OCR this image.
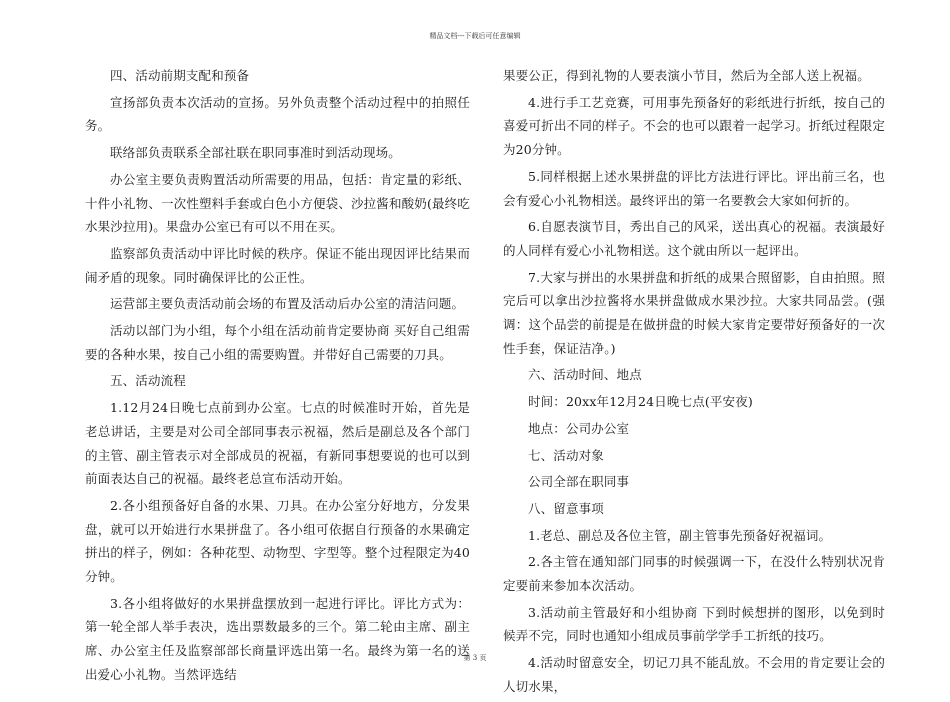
精品文档---下载后可任意编辑

四、活动前期支配和预备

宣扬部负责本次活动的宣扬。另外负责整个活动过程中的拍照任务。

联络部负责联系全部社联在职同事准时到活动现场。

办公室主要负责购置活动所需要的用品，包括：肯定量的彩纸、十件小礼物、一次性塑料手套或白色小方便袋、沙拉酱和酸奶(最终吃水果沙拉用)。果盘办公室已有可以不用在买。

监察部负责活动中评比时候的秩序。保证不能出现因评比结果而闹矛盾的现象。同时确保评比的公正性。

运营部主要负责活动前会场的布置及活动后办公室的清洁问题。

活动以部门为小组，每个小组在活动前肯定要协商 买好自己组需要的各种水果，按自己小组的需要购置。并带好自己需要的刀具。

五、活动流程

1.12月24日晚七点前到办公室。七点的时候准时开始，首先是老总讲话，主要是对公司全部同事表示祝福，然后是副总及各个部门的主管、副主管表示对全部成员的祝福，有新同事想要说的也可以到前面表达自己的祝福。最终老总宣布活动开始。

2.各小组预备好自备的水果、刀具。在办公室分好地方，分发果盘，就可以开始进行水果拼盘了。各小组可依据自行预备的水果确定拼出的样子，例如：各种花型、动物型、字型等。整个过程限定为40分钟。

3.各小组将做好的水果拼盘摆放到一起进行评比。评比方式为：第一轮全部人举手表决，选出票数最多的三个。第二轮由主席、副主席、办公室主任及监察部部长商量评选出第一名。最终为第一名的送出爱心小礼物。当然评选结

果要公正，得到礼物的人要表演小节目，然后为全部人送上祝福。

4.进行手工艺竞赛，可用事先预备好的彩纸进行折纸，按自己的喜爱可折出不同的样子。不会的也可以跟着一起学习。折纸过程限定为20分钟。

5.同样根据上述水果拼盘的评比方法进行评比。评出前三名，也会有爱心小礼物相送。最终评出的第一名要教会大家如何折的。

6.自愿表演节目，秀出自己的风采，送出真心的祝福。表演最好的人同样有爱心小礼物相送。这个就由所以一起评出。

7.大家与拼出的水果拼盘和折纸的成果合照留影，自由拍照。照完后可以拿出沙拉酱将水果拼盘做成水果沙拉。大家共同品尝。(强调：这个品尝的前提是在做拼盘的时候大家肯定要带好预备好的一次性手套，保证洁净。)

六、活动时间、地点

时间：20xx年12月24日晚七点(平安夜)

地点：公司办公室

七、活动对象

公司全部在职同事

八、留意事项

1.老总、副总及各位主管，副主管事先预备好祝福词。

2.各主管在通知部门同事的时候强调一下，在没什么特别状况肯定要前来参加本次活动。

3.活动前主管最好和小组协商 下到时候想拼的图形，以免到时候弄不完，同时也通知小组成员事前学学手工折纸的技巧。

4.活动时留意安全，切记刀具不能乱放。不会用的肯定要让会的人切水果，

第 3 页
